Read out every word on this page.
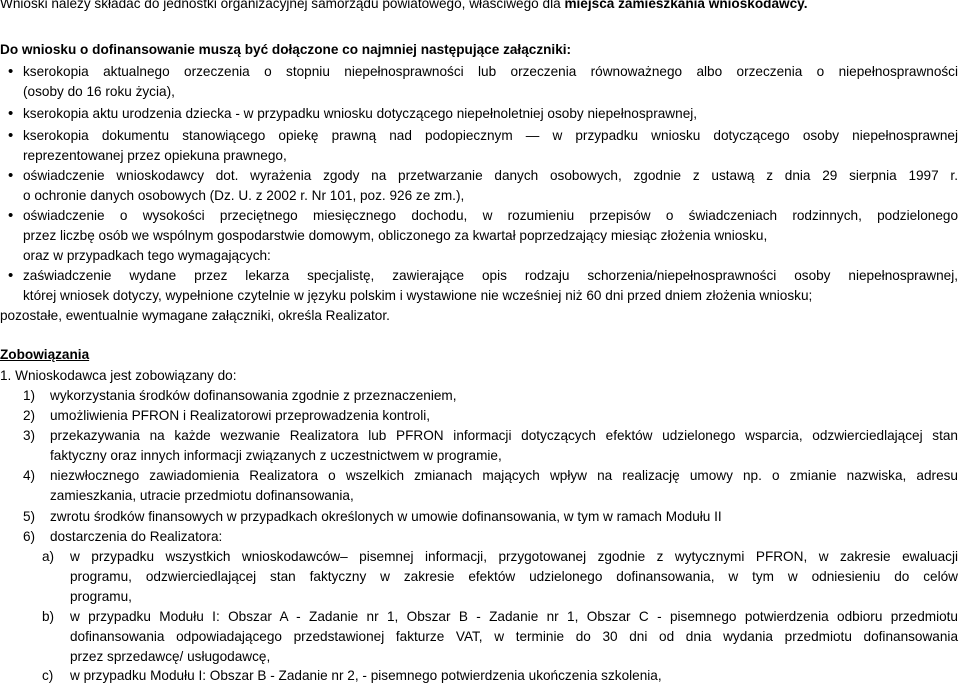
Wnioski należy składać do jednostki organizacyjnej samorządu powiatowego, właściwego dla miejsca zamieszkania wnioskodawcy.
Do wniosku o dofinansowanie muszą być dołączone co najmniej następujące załączniki:
• kserokopia aktualnego orzeczenia o stopniu niepełnosprawności lub orzeczenia równoważnego albo orzeczenia o niepełnosprawności
(osoby do 16 roku życia),
• kserokopia aktu urodzenia dziecka - w przypadku wniosku dotyczącego niepełnoletniej osoby niepełnosprawnej,
• kserokopia dokumentu stanowiącego opiekę prawną nad podopiecznym — w przypadku wniosku dotyczącego osoby niepełnosprawnej
reprezentowanej przez opiekuna prawnego,
• oświadczenie wnioskodawcy dot. wyrażenia zgody na przetwarzanie danych osobowych, zgodnie z ustawą z dnia 29 sierpnia 1997 r.
o ochronie danych osobowych (Dz. U. z 2002 r. Nr 101, poz. 926 ze zm.),
• oświadczenie o wysokości przeciętnego miesięcznego dochodu, w rozumieniu przepisów o świadczeniach rodzinnych, podzielonego
przez liczbę osób we wspólnym gospodarstwie domowym, obliczonego za kwartał poprzedzający miesiąc złożenia wniosku,
oraz w przypadkach tego wymagających:
• zaświadczenie wydane przez lekarza specjalistę, zawierające opis rodzaju schorzenia/niepełnosprawności osoby niepełnosprawnej,
której wniosek dotyczy, wypełnione czytelnie w języku polskim i wystawione nie wcześniej niż 60 dni przed dniem złożenia wniosku;
pozostałe, ewentualnie wymagane załączniki, określa Realizator.
Zobowiązania
1. Wnioskodawca jest zobowiązany do:
1) wykorzystania środków dofinansowania zgodnie z przeznaczeniem,
2) umożliwienia PFRON i Realizatorowi przeprowadzenia kontroli,
3) przekazywania na każde wezwanie Realizatora lub PFRON informacji dotyczących efektów udzielonego wsparcia, odzwierciedlającej stan
faktyczny oraz innych informacji związanych z uczestnictwem w programie,
4) niezwłocznego zawiadomienia Realizatora o wszelkich zmianach mających wpływ na realizację umowy np. o zmianie nazwiska, adresu
zamieszkania, utracie przedmiotu dofinansowania,
5) zwrotu środków finansowych w przypadkach określonych w umowie dofinansowania, w tym w ramach Modułu II
6) dostarczenia do Realizatora:
a) w przypadku wszystkich wnioskodawców– pisemnej informacji, przygotowanej zgodnie z wytycznymi PFRON, w zakresie ewaluacji
programu, odzwierciedlającej stan faktyczny w zakresie efektów udzielonego dofinansowania, w tym w odniesieniu do celów
programu,
b) w przypadku Modułu I: Obszar A - Zadanie nr 1, Obszar B - Zadanie nr 1, Obszar C - pisemnego potwierdzenia odbioru przedmiotu
dofinansowania odpowiadającego przedstawionej fakturze VAT, w terminie do 30 dni od dnia wydania przedmiotu dofinansowania
przez sprzedawcę/ usługodawcę,
c) w przypadku Modułu I: Obszar B - Zadanie nr 2, - pisemnego potwierdzenia ukończenia szkolenia,
